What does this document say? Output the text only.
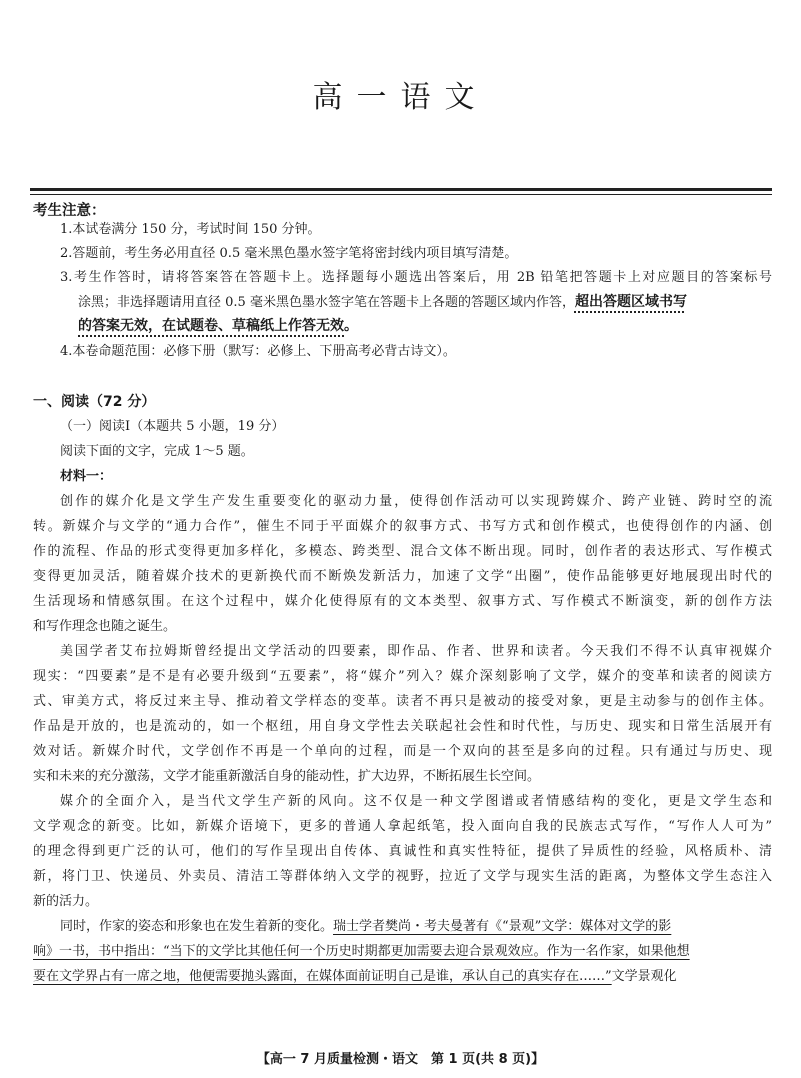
高一语文
考生注意：
1.本试卷满分 150 分，考试时间 150 分钟。
2.答题前，考生务必用直径 0.5 毫米黑色墨水签字笔将密封线内项目填写清楚。
3.考生作答时，请将答案答在答题卡上。选择题每小题选出答案后，用 2B 铅笔把答题卡上对应题目的答案标号
涂黑；非选择题请用直径 0.5 毫米黑色墨水签字笔在答题卡上各题的答题区域内作答，超出答题区域书写
的答案无效，在试题卷、草稿纸上作答无效。
4.本卷命题范围：必修下册（默写：必修上、下册高考必背古诗文）。
一、阅读（72 分）
（一）阅读Ⅰ（本题共 5 小题，19 分）
阅读下面的文字，完成 1～5 题。
材料一：
创作的媒介化是文学生产发生重要变化的驱动力量，使得创作活动可以实现跨媒介、跨产业链、跨时空的流
转。新媒介与文学的“通力合作”，催生不同于平面媒介的叙事方式、书写方式和创作模式，也使得创作的内涵、创
作的流程、作品的形式变得更加多样化，多模态、跨类型、混合文体不断出现。同时，创作者的表达形式、写作模式
变得更加灵活，随着媒介技术的更新换代而不断焕发新活力，加速了文学“出圈”，使作品能够更好地展现出时代的
生活现场和情感氛围。在这个过程中，媒介化使得原有的文本类型、叙事方式、写作模式不断演变，新的创作方法
和写作理念也随之诞生。
美国学者艾布拉姆斯曾经提出文学活动的四要素，即作品、作者、世界和读者。今天我们不得不认真审视媒介
现实：“四要素”是不是有必要升级到“五要素”，将“媒介”列入？媒介深刻影响了文学，媒介的变革和读者的阅读方
式、审美方式，将反过来主导、推动着文学样态的变革。读者不再只是被动的接受对象，更是主动参与的创作主体。
作品是开放的，也是流动的，如一个枢纽，用自身文学性去关联起社会性和时代性，与历史、现实和日常生活展开有
效对话。新媒介时代，文学创作不再是一个单向的过程，而是一个双向的甚至是多向的过程。只有通过与历史、现
实和未来的充分激荡，文学才能重新激活自身的能动性，扩大边界，不断拓展生长空间。
媒介的全面介入，是当代文学生产新的风向。这不仅是一种文学图谱或者情感结构的变化，更是文学生态和
文学观念的新变。比如，新媒介语境下，更多的普通人拿起纸笔，投入面向自我的民族志式写作，“写作人人可为”
的理念得到更广泛的认可，他们的写作呈现出自传体、真诚性和真实性特征，提供了异质性的经验，风格质朴、清
新，将门卫、快递员、外卖员、清洁工等群体纳入文学的视野，拉近了文学与现实生活的距离，为整体文学生态注入
新的活力。
同时，作家的姿态和形象也在发生着新的变化。瑞士学者樊尚・考夫曼著有《“景观”文学：媒体对文学的影
响》一书，书中指出：“当下的文学比其他任何一个历史时期都更加需要去迎合景观效应。作为一名作家，如果他想
要在文学界占有一席之地，他便需要抛头露面，在媒体面前证明自己是谁，承认自己的真实存在……”文学景观化
【高一 7 月质量检测・语文　第 1 页(共 8 页)】
